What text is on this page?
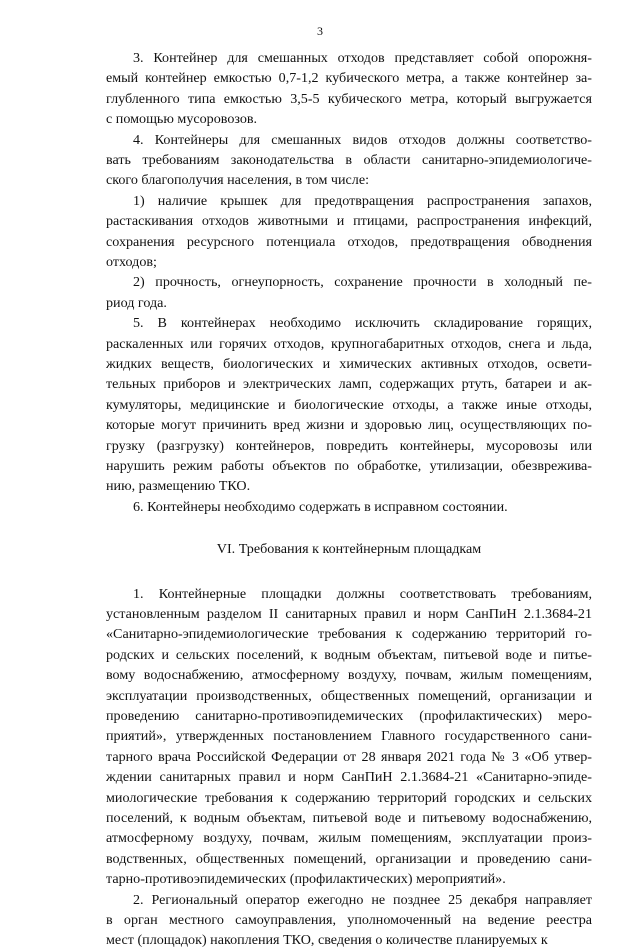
3
3. Контейнер для смешанных отходов представляет собой опорожня-
емый контейнер емкостью 0,7-1,2 кубического метра, а также контейнер за-
глубленного типа емкостью 3,5-5 кубического метра, который выгружается
с помощью мусоровозов.
4. Контейнеры для смешанных видов отходов должны соответство-
вать требованиям законодательства в области санитарно-эпидемиологиче-
ского благополучия населения, в том числе:
1) наличие крышек для предотвращения распространения запахов,
растаскивания отходов животными и птицами, распространения инфекций,
сохранения ресурсного потенциала отходов, предотвращения обводнения
отходов;
2) прочность, огнеупорность, сохранение прочности в холодный пе-
риод года.
5. В контейнерах необходимо исключить складирование горящих,
раскаленных или горячих отходов, крупногабаритных отходов, снега и льда,
жидких веществ, биологических и химических активных отходов, освети-
тельных приборов и электрических ламп, содержащих ртуть, батареи и ак-
кумуляторы, медицинские и биологические отходы, а также иные отходы,
которые могут причинить вред жизни и здоровью лиц, осуществляющих по-
грузку (разгрузку) контейнеров, повредить контейнеры, мусоровозы или
нарушить режим работы объектов по обработке, утилизации, обезврежива-
нию, размещению ТКО.
6. Контейнеры необходимо содержать в исправном состоянии.
VI. Требования к контейнерным площадкам
1. Контейнерные площадки должны соответствовать требованиям,
установленным разделом II санитарных правил и норм СанПиН 2.1.3684-21
«Санитарно-эпидемиологические требования к содержанию территорий го-
родских и сельских поселений, к водным объектам, питьевой воде и питье-
вому водоснабжению, атмосферному воздуху, почвам, жилым помещениям,
эксплуатации производственных, общественных помещений, организации и
проведению санитарно-противоэпидемических (профилактических) меро-
приятий», утвержденных постановлением Главного государственного сани-
тарного врача Российской Федерации от 28 января 2021 года № 3 «Об утвер-
ждении санитарных правил и норм СанПиН 2.1.3684-21 «Санитарно-эпиде-
миологические требования к содержанию территорий городских и сельских
поселений, к водным объектам, питьевой воде и питьевому водоснабжению,
атмосферному воздуху, почвам, жилым помещениям, эксплуатации произ-
водственных, общественных помещений, организации и проведению сани-
тарно-противоэпидемических (профилактических) мероприятий».
2. Региональный оператор ежегодно не позднее 25 декабря направляет
в орган местного самоуправления, уполномоченный на ведение реестра
мест (площадок) накопления ТКО, сведения о количестве планируемых к
